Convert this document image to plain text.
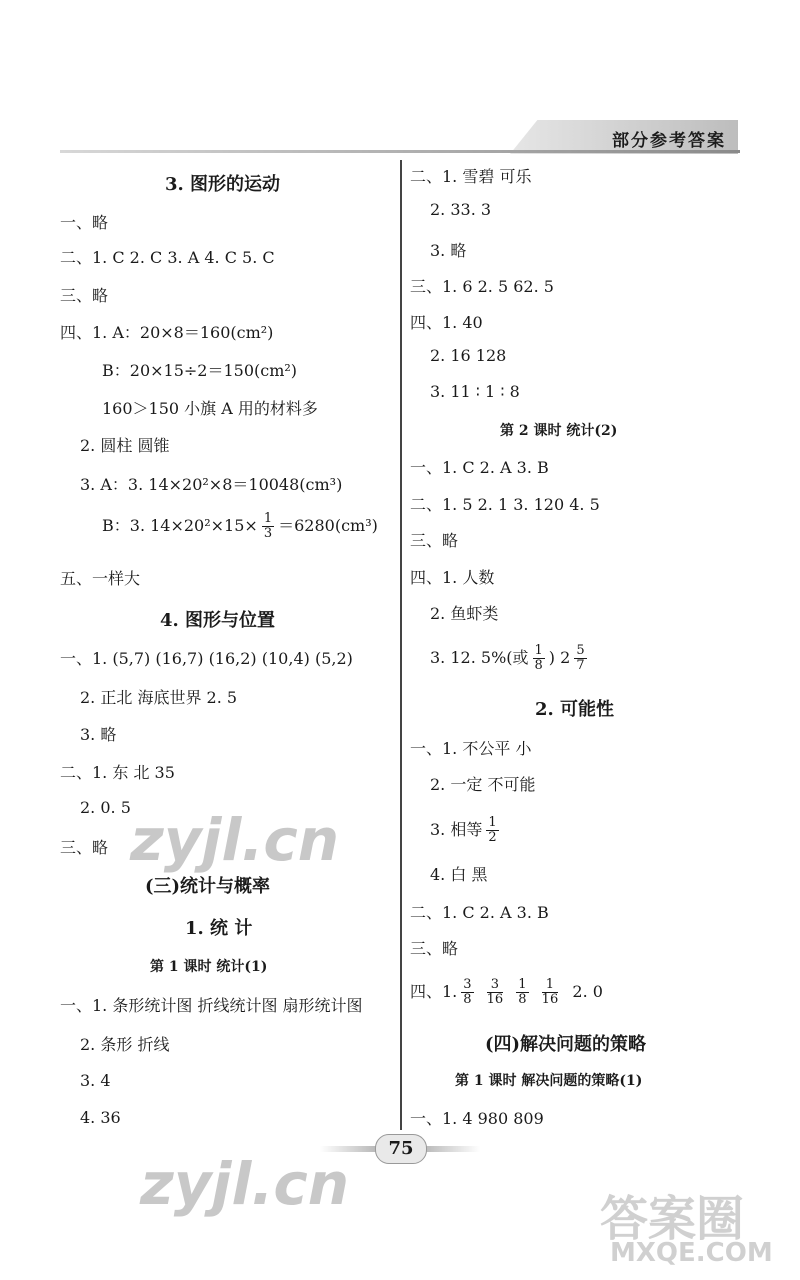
部分参考答案
3. 图形的运动
一、略
二、1. C 2. C 3. A 4. C 5. C
三、略
四、1. A：20×8＝160(cm²)
B：20×15÷2＝150(cm²)
160＞150 小旗 A 用的材料多
2. 圆柱 圆锥
3. A：3. 14×20²×8＝10048(cm³)
B：3. $14\times 20^2\times 15\times \frac{1}{3} =6280(cm^3)$
五、一样大
4. 图形与位置
一、1. (5,7) (16,7) (16,2) (10,4) (5,2)
2. 正北 海底世界 2. 5
3. 略
二、1. 东 北 35
2. 0. 5
三、略
(三)统计与概率
1. 统 计
第 1 课时 统计(1)
一、1. 条形统计图 折线统计图 扇形统计图
2. 条形 折线
3. 4
4. 36
二、1. 雪碧 可乐
2. 33. 3
3. 略
三、1. 6 2. 5 62. 5
四、1. 40
2. 16 128
3. 11 ∶ 1 ∶ 8
第 2 课时 统计(2)
一、1. C 2. A 3. B
二、1. 5 2. 1 3. 120 4. 5
三、略
四、1. 人数
2. 鱼虾类
3. 12. 5%(或 $\frac{1}{8}$ ) $2 \frac{5}{7}$
2. 可能性
一、1. 不公平 小
2. 一定 不可能
3. 相等 $\frac{1}{2}$
4. 白 黑
二、1. C 2. A 3. B
三、略
四、1. $\frac{3}{8}$
$\frac{3}{16}$
$\frac{1}{8}$
$\frac{1}{16} 2$. 0
(四)解决问题的策略
第 1 课时 解决问题的策略(1)
一、1. 4 980 809
75
zyjl.cn
zyjl.cn
答案圈
MXQE.COM
